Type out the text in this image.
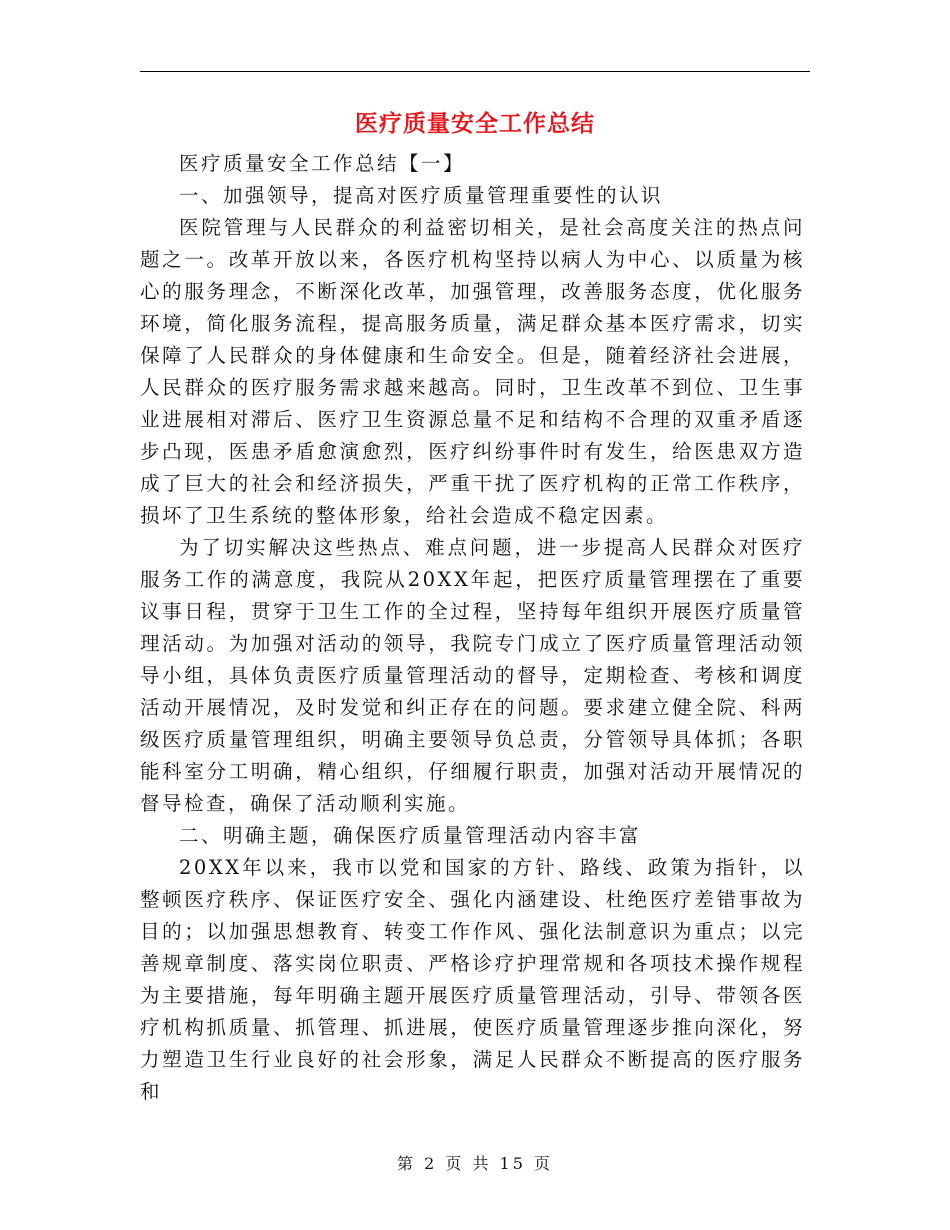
医疗质量安全工作总结

医疗质量安全工作总结【一】

一、加强领导，提高对医疗质量管理重要性的认识

医院管理与人民群众的利益密切相关，是社会高度关注的热点问题之一。改革开放以来，各医疗机构坚持以病人为中心、以质量为核心的服务理念，不断深化改革，加强管理，改善服务态度，优化服务环境，简化服务流程，提高服务质量，满足群众基本医疗需求，切实保障了人民群众的身体健康和生命安全。但是，随着经济社会进展，人民群众的医疗服务需求越来越高。同时，卫生改革不到位、卫生事业进展相对滞后、医疗卫生资源总量不足和结构不合理的双重矛盾逐步凸现，医患矛盾愈演愈烈，医疗纠纷事件时有发生，给医患双方造成了巨大的社会和经济损失，严重干扰了医疗机构的正常工作秩序，损坏了卫生系统的整体形象，给社会造成不稳定因素。

为了切实解决这些热点、难点问题，进一步提高人民群众对医疗服务工作的满意度，我院从20XX年起，把医疗质量管理摆在了重要议事日程，贯穿于卫生工作的全过程，坚持每年组织开展医疗质量管理活动。为加强对活动的领导，我院专门成立了医疗质量管理活动领导小组，具体负责医疗质量管理活动的督导，定期检查、考核和调度活动开展情况，及时发觉和纠正存在的问题。要求建立健全院、科两级医疗质量管理组织，明确主要领导负总责，分管领导具体抓；各职能科室分工明确，精心组织，仔细履行职责，加强对活动开展情况的督导检查，确保了活动顺利实施。

二、明确主题，确保医疗质量管理活动内容丰富

20XX年以来，我市以党和国家的方针、路线、政策为指针，以整顿医疗秩序、保证医疗安全、强化内涵建设、杜绝医疗差错事故为目的；以加强思想教育、转变工作作风、强化法制意识为重点；以完善规章制度、落实岗位职责、严格诊疗护理常规和各项技术操作规程为主要措施，每年明确主题开展医疗质量管理活动，引导、带领各医疗机构抓质量、抓管理、抓进展，使医疗质量管理逐步推向深化，努力塑造卫生行业良好的社会形象，满足人民群众不断提高的医疗服务和

第 2 页 共 15 页
